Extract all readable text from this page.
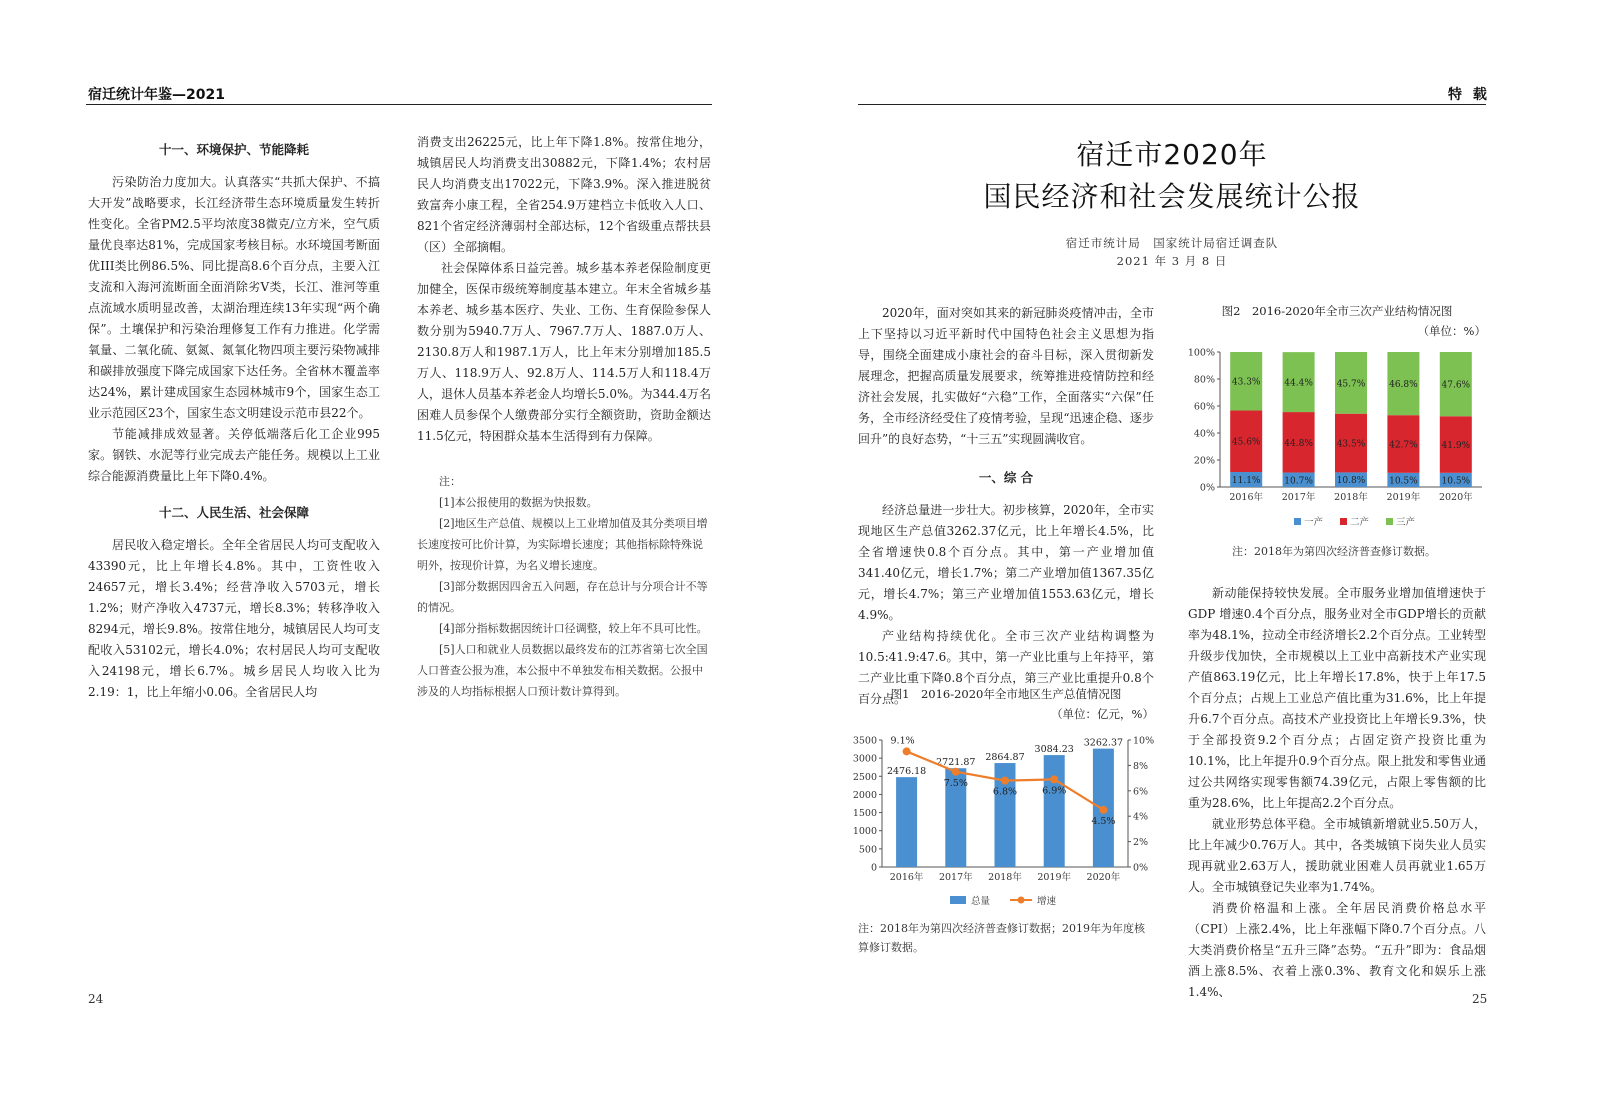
宿迁统计年鉴—2021
十一、环境保护、节能降耗

污染防治力度加大。认真落实“共抓大保护、不搞大开发”战略要求，长江经济带生态环境质量发生转折性变化。全省PM2.5平均浓度38微克/立方米，空气质量优良率达81%，完成国家考核目标。水环境国考断面优III类比例86.5%、同比提高8.6个百分点，主要入江支流和入海河流断面全面消除劣V类，长江、淮河等重点流域水质明显改善，太湖治理连续13年实现“两个确保”。土壤保护和污染治理修复工作有力推进。化学需氧量、二氧化硫、氨氮、氮氧化物四项主要污染物减排和碳排放强度下降完成国家下达任务。全省林木覆盖率达24%，累计建成国家生态园林城市9个，国家生态工业示范园区23个，国家生态文明建设示范市县22个。

节能减排成效显著。关停低端落后化工企业995家。钢铁、水泥等行业完成去产能任务。规模以上工业综合能源消费量比上年下降0.4%。

十二、人民生活、社会保障

居民收入稳定增长。全年全省居民人均可支配收入43390元，比上年增长4.8%。其中，工资性收入24657元，增长3.4%；经营净收入5703元，增长1.2%；财产净收入4737元，增长8.3%；转移净收入8294元，增长9.8%。按常住地分，城镇居民人均可支配收入53102元，增长4.0%；农村居民人均可支配收入24198元，增长6.7%。城乡居民人均收入比为2.19：1，比上年缩小0.06。全省居民人均

消费支出26225元，比上年下降1.8%。按常住地分，城镇居民人均消费支出30882元，下降1.4%；农村居民人均消费支出17022元，下降3.9%。深入推进脱贫致富奔小康工程，全省254.9万建档立卡低收入人口、821个省定经济薄弱村全部达标，12个省级重点帮扶县（区）全部摘帽。

社会保障体系日益完善。城乡基本养老保险制度更加健全，医保市级统筹制度基本建立。年末全省城乡基本养老、城乡基本医疗、失业、工伤、生育保险参保人数分别为5940.7万人、7967.7万人、1887.0万人、2130.8万人和1987.1万人，比上年末分别增加185.5万人、118.9万人、92.8万人、114.5万人和118.4万人，退休人员基本养老金人均增长5.0%。为344.4万名困难人员参保个人缴费部分实行全额资助，资助金额达11.5亿元，特困群众基本生活得到有力保障。

注：
[1]本公报使用的数据为快报数。
[2]地区生产总值、规模以上工业增加值及其分类项目增长速度按可比价计算，为实际增长速度；其他指标除特殊说明外，按现价计算，为名义增长速度。
[3]部分数据因四舍五入问题，存在总计与分项合计不等的情况。
[4]部分指标数据因统计口径调整，较上年不具可比性。
[5]人口和就业人员数据以最终发布的江苏省第七次全国人口普查公报为准，本公报中不单独发布相关数据。公报中涉及的人均指标根据人口预计数计算得到。
24
特 载
宿迁市2020年
国民经济和社会发展统计公报
宿迁市统计局　国家统计局宿迁调查队
2021 年 3 月 8 日

2020年，面对突如其来的新冠肺炎疫情冲击，全市上下坚持以习近平新时代中国特色社会主义思想为指导，围绕全面建成小康社会的奋斗目标，深入贯彻新发展理念，把握高质量发展要求，统筹推进疫情防控和经济社会发展，扎实做好“六稳”工作，全面落实“六保”任务，全市经济经受住了疫情考验，呈现“迅速企稳、逐步回升”的良好态势，“十三五”实现圆满收官。

一、综 合

经济总量进一步壮大。初步核算，2020年，全市实现地区生产总值3262.37亿元，比上年增长4.5%，比全省增速快0.8个百分点。其中，第一产业增加值341.40亿元，增长1.7%；第二产业增加值1367.35亿元，增长4.7%；第三产业增加值1553.63亿元，增长4.9%。

产业结构持续优化。全市三次产业结构调整为10.5:41.9:47.6。其中，第一产业比重与上年持平，第二产业比重下降0.8个百分点，第三产业比重提升0.8个百分点。

图1　2016-2020年全市地区生产总值情况图
（单位：亿元，%）
0
500
1000
1500
2000
2500
3000
3500
0%
2%
4%
6%
8%
10%
2476.18
2016年
2721.87
2017年
2864.87
2018年
3084.23
2019年
3262.37
2020年
9.1%
7.5%
6.8%	6.9%
4.5%
总量	增速
注：2018年为第四次经济普查修订数据；2019年为年度核算修订数据。
图2　2016-2020年全市三次产业结构情况图
（单位：%）
0%
20%
40%
60%
80%
100%
11.1%
45.6%
43.3%
2016年
10.7%
44.8%
44.4%
2017年
10.8%
43.5%
45.7%
2018年
10.5%
42.7%
46.8%
2019年
10.5%
41.9%
47.6%
2020年
一产	二产	三产
注：2018年为第四次经济普查修订数据。

新动能保持较快发展。全市服务业增加值增速快于GDP 增速0.4个百分点，服务业对全市GDP增长的贡献率为48.1%，拉动全市经济增长2.2个百分点。工业转型升级步伐加快，全市规模以上工业中高新技术产业实现产值863.19亿元，比上年增长17.8%，快于上年17.5个百分点；占规上工业总产值比重为31.6%，比上年提升6.7个百分点。高技术产业投资比上年增长9.3%，快于全部投资9.2个百分点；占固定资产投资比重为10.1%，比上年提升0.9个百分点。限上批发和零售业通过公共网络实现零售额74.39亿元，占限上零售额的比重为28.6%，比上年提高2.2个百分点。

就业形势总体平稳。全市城镇新增就业5.50万人，比上年减少0.76万人。其中，各类城镇下岗失业人员实现再就业2.63万人，援助就业困难人员再就业1.65万人。全市城镇登记失业率为1.74%。

消费价格温和上涨。全年居民消费价格总水平（CPI）上涨2.4%，比上年涨幅下降0.7个百分点。八大类消费价格呈“五升三降”态势。“五升”即为：食品烟酒上涨8.5%、衣着上涨0.3%、教育文化和娱乐上涨1.4%、	25
